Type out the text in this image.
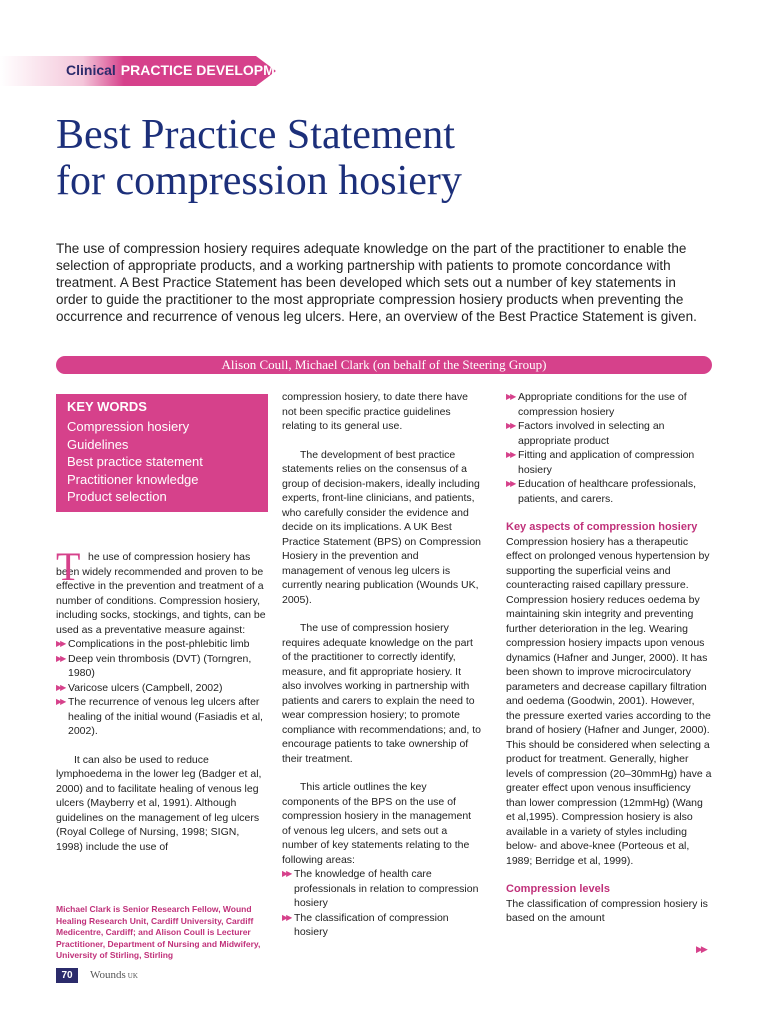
Clinical PRACTICE DEVELOPMENT
Best Practice Statement
for compression hosiery

The use of compression hosiery requires adequate knowledge on the part of the practitioner to enable the selection of appropriate products, and a working partnership with patients to promote concordance with treatment. A Best Practice Statement has been developed which sets out a number of key statements in order to guide the practitioner to the most appropriate compression hosiery products when preventing the occurrence and recurrence of venous leg ulcers. Here, an overview of the Best Practice Statement is given.

Alison Coull, Michael Clark (on behalf of the Steering Group)
KEY WORDS
Compression hosiery
Guidelines
Best practice statement
Practitioner knowledge
Product selection

T he use of compression hosiery has been widely recommended and proven to be effective in the prevention and treatment of a number of conditions. Compression hosiery, including socks, stockings, and tights, can be used as a preventative measure against:

▶▶ Complications in the post-phlebitic limb
▶▶ Deep vein thrombosis (DVT) (Torngren, 1980)
▶▶ Varicose ulcers (Campbell, 2002)
▶▶ The recurrence of venous leg ulcers after healing of the initial wound (Fasiadis et al, 2002).

It can also be used to reduce lymphoedema in the lower leg (Badger et al, 2000) and to facilitate healing of venous leg ulcers (Mayberry et al, 1991). Although guidelines on the management of leg ulcers (Royal College of Nursing, 1998; SIGN, 1998) include the use of

Michael Clark is Senior Research Fellow, Wound Healing Research Unit, Cardiff University, Cardiff Medicentre, Cardiff; and Alison Coull is Lecturer Practitioner, Department of Nursing and Midwifery, University of Stirling, Stirling

compression hosiery, to date there have not been specific practice guidelines relating to its general use.

The development of best practice statements relies on the consensus of a group of decision-makers, ideally including experts, front-line clinicians, and patients, who carefully consider the evidence and decide on its implications. A UK Best Practice Statement (BPS) on Compression Hosiery in the prevention and management of venous leg ulcers is currently nearing publication (Wounds UK, 2005).

The use of compression hosiery requires adequate knowledge on the part of the practitioner to correctly identify, measure, and fit appropriate hosiery. It also involves working in partnership with patients and carers to explain the need to wear compression hosiery; to promote compliance with recommendations; and, to encourage patients to take ownership of their treatment.

This article outlines the key components of the BPS on the use of compression hosiery in the management of venous leg ulcers, and sets out a number of key statements relating to the following areas:

▶▶ The knowledge of health care professionals in relation to compression hosiery
▶▶ The classification of compression hosiery
▶▶ Appropriate conditions for the use of compression hosiery
▶▶ Factors involved in selecting an appropriate product
▶▶ Fitting and application of compression hosiery
▶▶ Education of healthcare professionals, patients, and carers.

Key aspects of compression hosiery

Compression hosiery has a therapeutic effect on prolonged venous hypertension by supporting the superficial veins and counteracting raised capillary pressure. Compression hosiery reduces oedema by maintaining skin integrity and preventing further deterioration in the leg. Wearing compression hosiery impacts upon venous dynamics (Hafner and Junger, 2000). It has been shown to improve microcirculatory parameters and decrease capillary filtration and oedema (Goodwin, 2001). However, the pressure exerted varies according to the brand of hosiery (Hafner and Junger, 2000). This should be considered when selecting a product for treatment. Generally, higher levels of compression (20–30mmHg) have a greater effect upon venous insufficiency than lower compression (12mmHg) (Wang et al,1995). Compression hosiery is also available in a variety of styles including below- and above-knee (Porteous et al, 1989; Berridge et al, 1999).

Compression levels

The classification of compression hosiery is based on the amount

▶▶
70	Wounds UK
